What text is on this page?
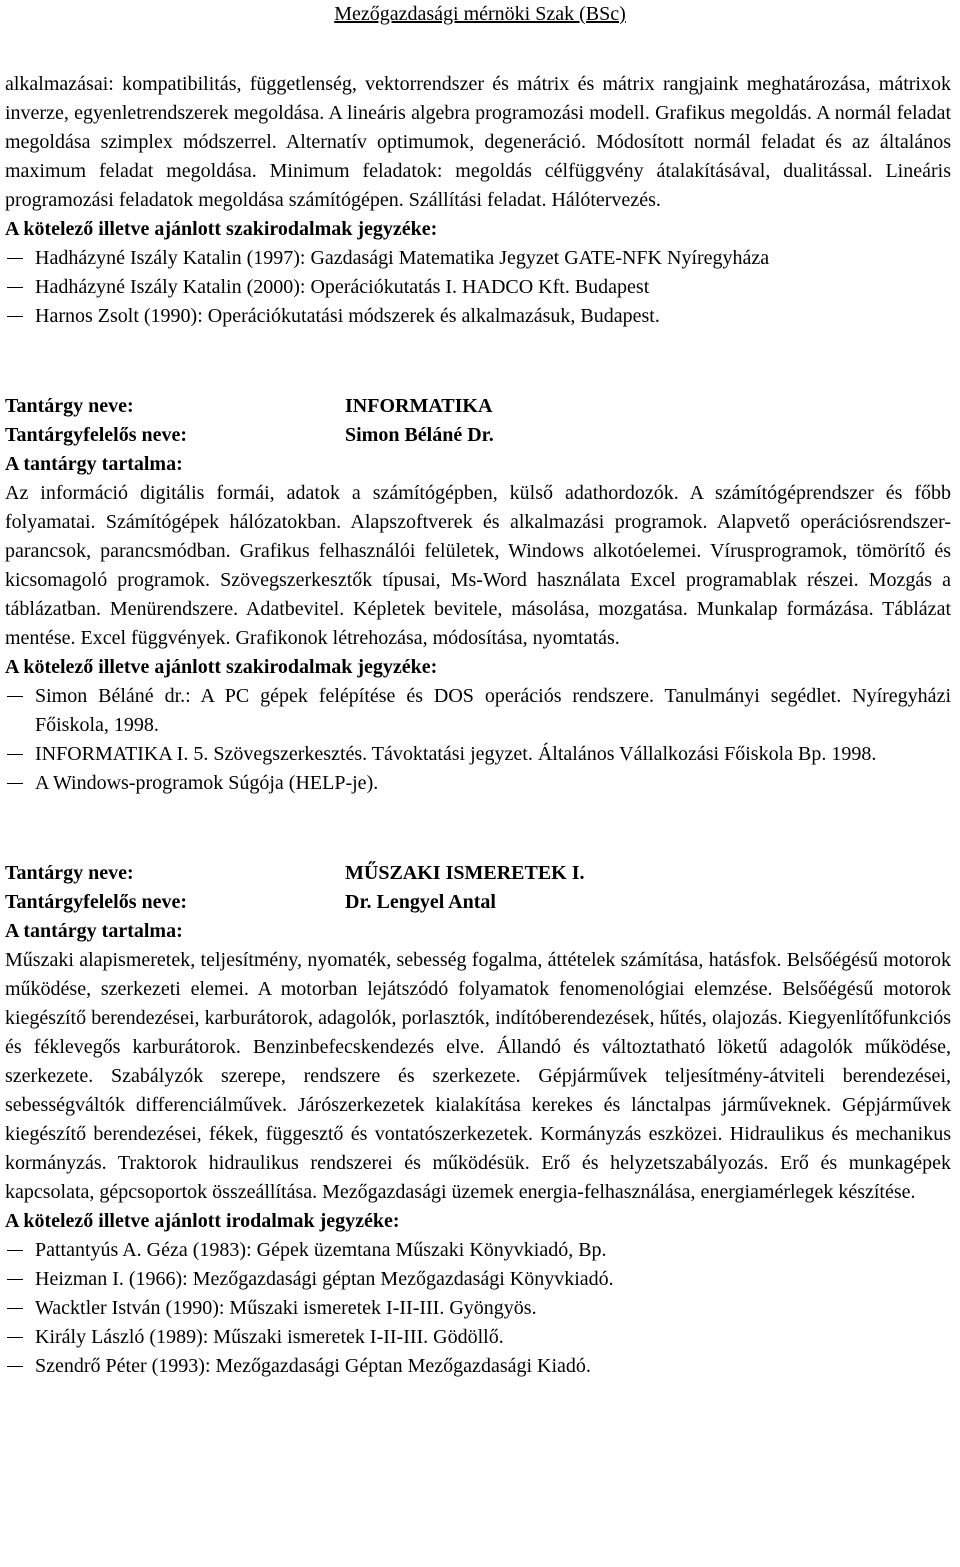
Mezőgazdasági mérnöki Szak (BSc)

alkalmazásai: kompatibilitás, függetlenség, vektorrendszer és mátrix és mátrix rangjaink meghatározása, mátrixok inverze, egyenletrendszerek megoldása. A lineáris algebra programozási modell. Grafikus megoldás. A normál feladat megoldása szimplex módszerrel. Alternatív optimumok, degeneráció. Módosított normál feladat és az általános maximum feladat megoldása. Minimum feladatok: megoldás célfüggvény átalakításával, dualitással. Lineáris programozási feladatok megoldása számítógépen. Szállítási feladat. Hálótervezés.

A kötelező illetve ajánlott szakirodalmak jegyzéke:

Hadházyné Iszály Katalin (1997): Gazdasági Matematika Jegyzet GATE-NFK Nyíregyháza
Hadházyné Iszály Katalin (2000): Operációkutatás I. HADCO Kft. Budapest
Harnos Zsolt (1990): Operációkutatási módszerek és alkalmazásuk, Budapest.
Tantárgy neve:	INFORMATIKA
Tantárgyfelelős neve:	Simon Béláné Dr.

A tantárgy tartalma:

Az információ digitális formái, adatok a számítógépben, külső adathordozók. A számítógéprendszer és főbb folyamatai. Számítógépek hálózatokban. Alapszoftverek és alkalmazási programok. Alapvető operációsrendszer-parancsok, parancsmódban. Grafikus felhasználói felületek, Windows alkotóelemei. Vírusprogramok, tömörítő és kicsomagoló programok. Szövegszerkesztők típusai, Ms-Word használata Excel programablak részei. Mozgás a táblázatban. Menürendszere. Adatbevitel. Képletek bevitele, másolása, mozgatása. Munkalap formázása. Táblázat mentése. Excel függvények. Grafikonok létrehozása, módosítása, nyomtatás.

A kötelező illetve ajánlott szakirodalmak jegyzéke:

Simon Béláné dr.: A PC gépek felépítése és DOS operációs rendszere. Tanulmányi segédlet. Nyíregyházi Főiskola, 1998.
INFORMATIKA I. 5. Szövegszerkesztés. Távoktatási jegyzet. Általános Vállalkozási Főiskola Bp. 1998.
A Windows-programok Súgója (HELP-je).
Tantárgy neve:	MŰSZAKI ISMERETEK I.
Tantárgyfelelős neve:	Dr. Lengyel Antal

A tantárgy tartalma:

Műszaki alapismeretek, teljesítmény, nyomaték, sebesség fogalma, áttételek számítása, hatásfok. Belsőégésű motorok működése, szerkezeti elemei. A motorban lejátszódó folyamatok fenomenológiai elemzése. Belsőégésű motorok kiegészítő berendezései, karburátorok, adagolók, porlasztók, indítóberendezések, hűtés, olajozás. Kiegyenlítőfunkciós és féklevegős karburátorok. Benzinbefecskendezés elve. Állandó és változtatható löketű adagolók működése, szerkezete. Szabályzók szerepe, rendszere és szerkezete. Gépjárművek teljesítmény-átviteli berendezései, sebességváltók differenciálművek. Járószerkezetek kialakítása kerekes és lánctalpas járműveknek. Gépjárművek kiegészítő berendezései, fékek, függesztő és vontatószerkezetek. Kormányzás eszközei. Hidraulikus és mechanikus kormányzás. Traktorok hidraulikus rendszerei és működésük. Erő és helyzetszabályozás. Erő és munkagépek kapcsolata, gépcsoportok összeállítása. Mezőgazdasági üzemek energia-felhasználása, energiamérlegek készítése.

A kötelező illetve ajánlott irodalmak jegyzéke:

Pattantyús A. Géza (1983): Gépek üzemtana Műszaki Könyvkiadó, Bp.
Heizman I. (1966): Mezőgazdasági géptan Mezőgazdasági Könyvkiadó.
Wacktler István (1990): Műszaki ismeretek I-II-III. Gyöngyös.
Király László (1989): Műszaki ismeretek I-II-III. Gödöllő.
Szendrő Péter (1993): Mezőgazdasági Géptan Mezőgazdasági Kiadó.
